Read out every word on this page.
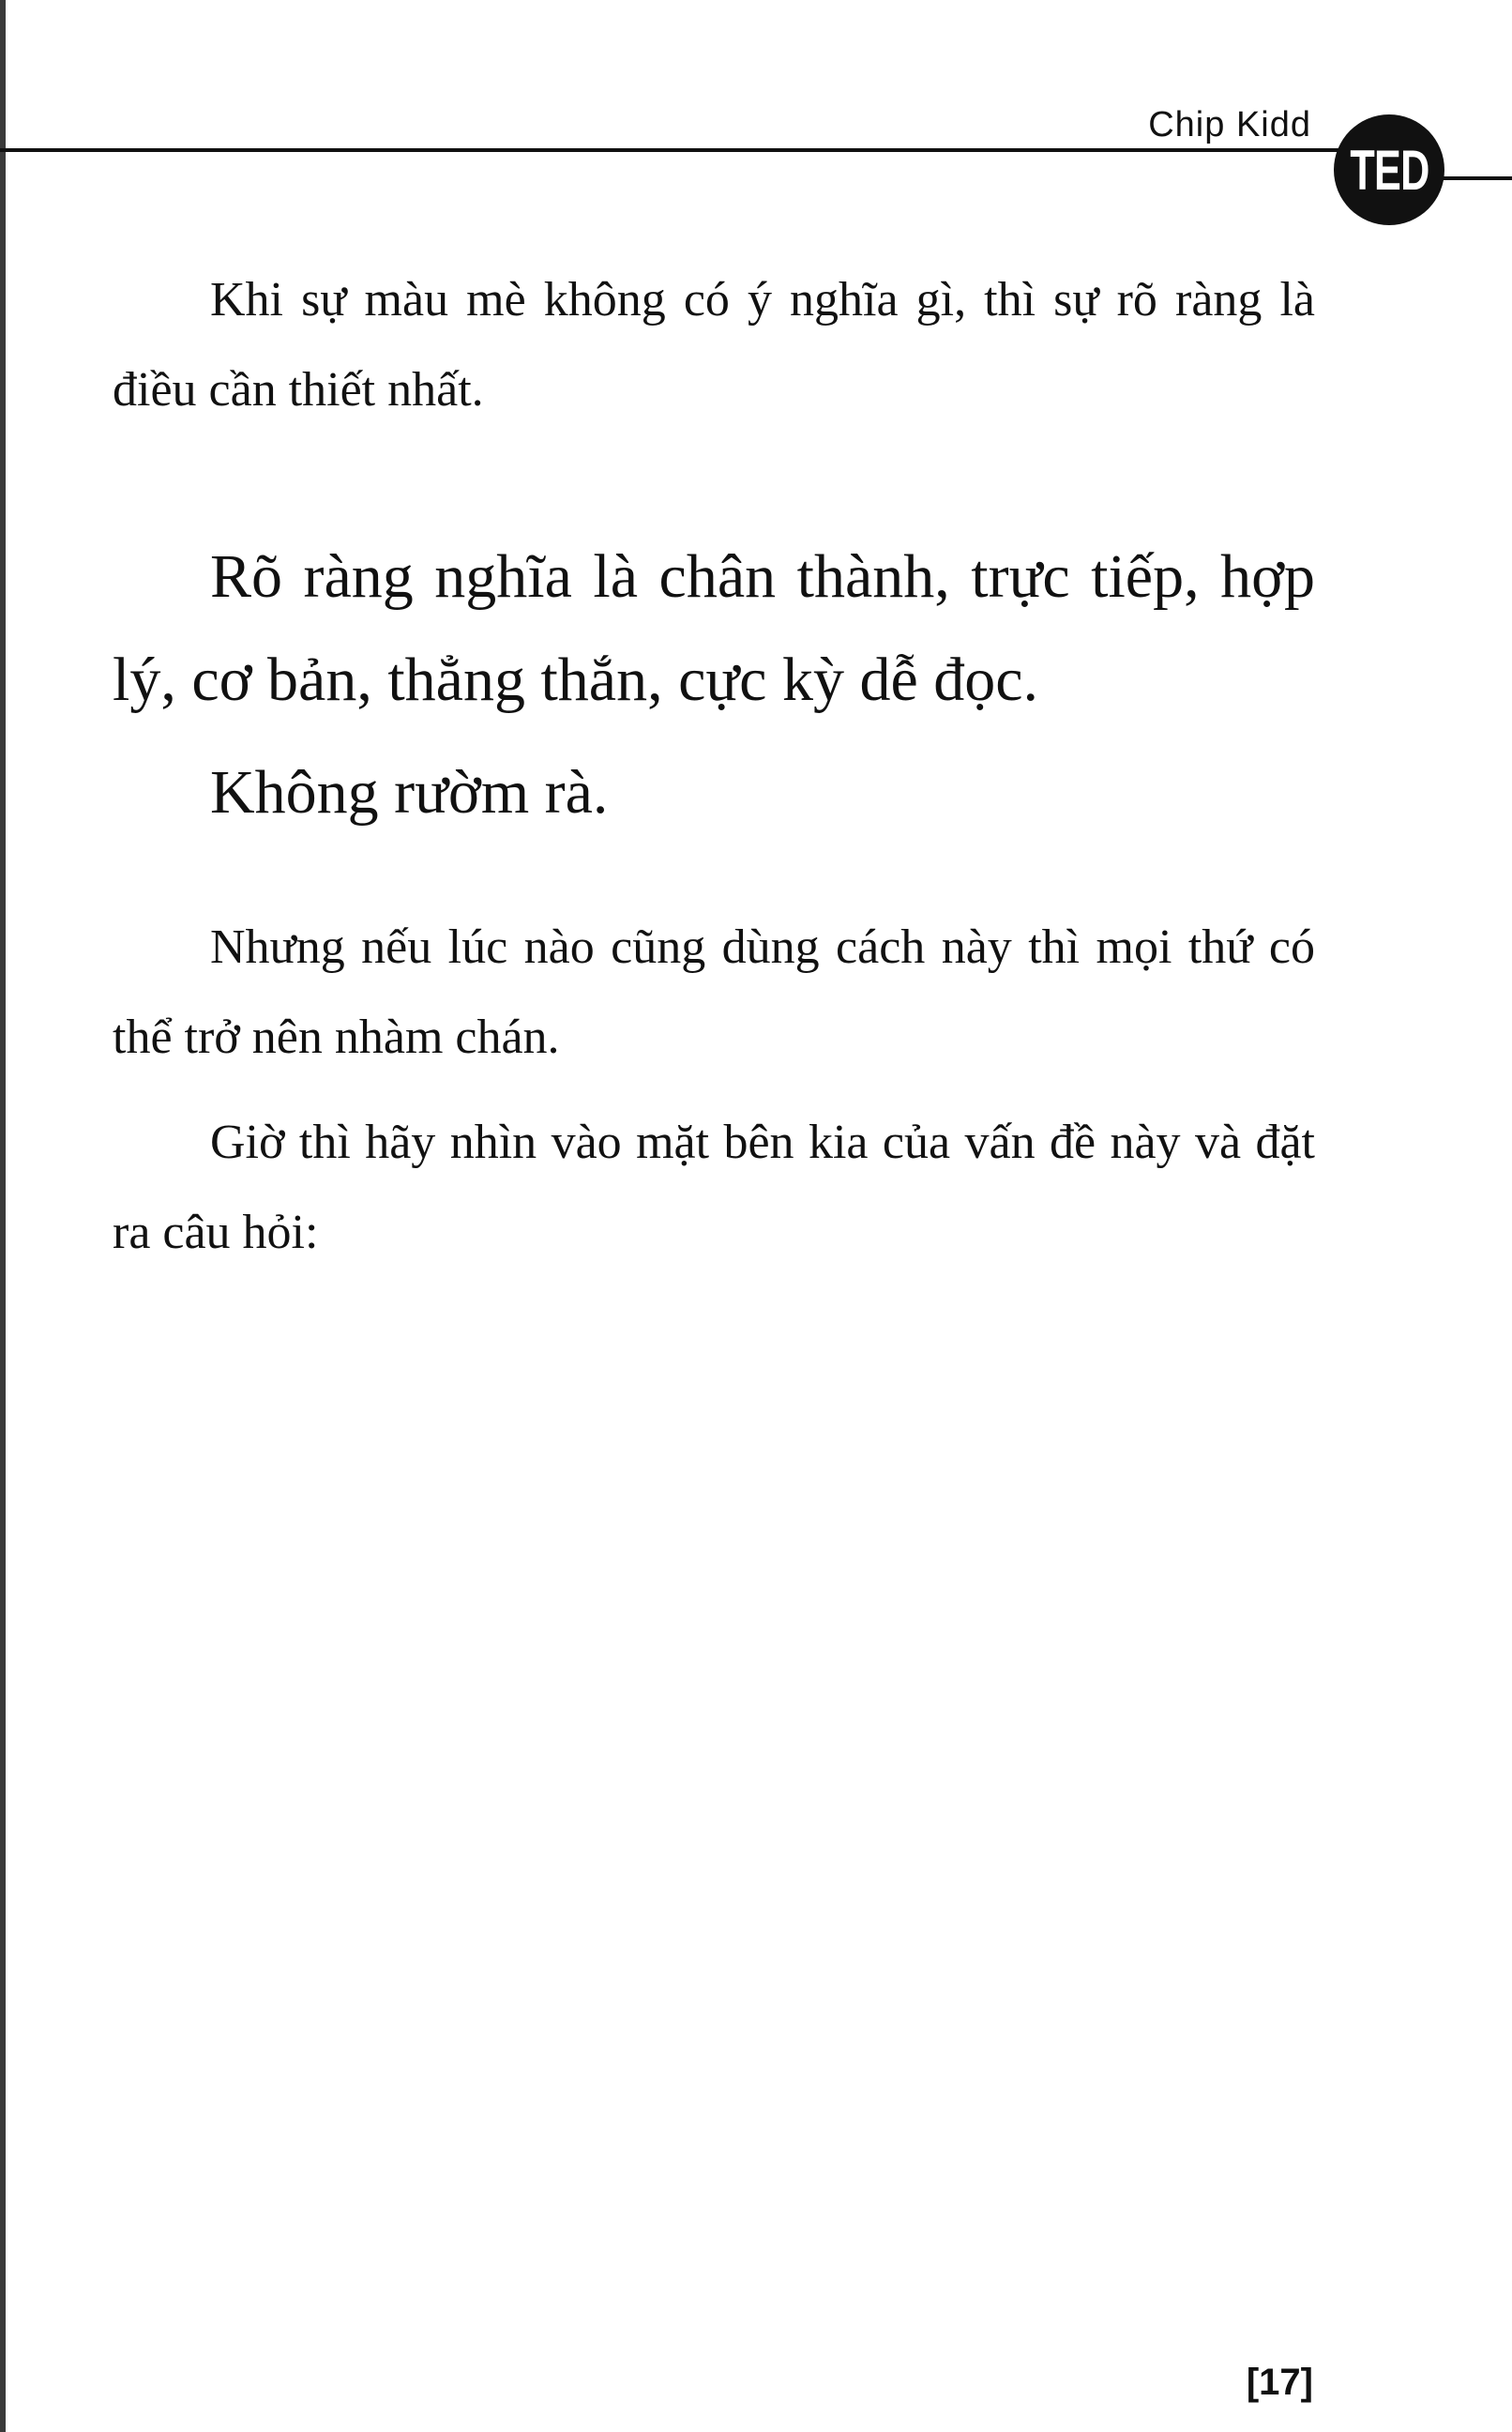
Chip Kidd
TED

Khi sự màu mè không có ý nghĩa gì, thì sự rõ ràng là điều cần thiết nhất.

Rõ ràng nghĩa là chân thành, trực tiếp, hợp lý, cơ bản, thẳng thắn, cực kỳ dễ đọc.

Không rườm rà.

Nhưng nếu lúc nào cũng dùng cách này thì mọi thứ có thể trở nên nhàm chán.

Giờ thì hãy nhìn vào mặt bên kia của vấn đề này và đặt ra câu hỏi:

[17]
